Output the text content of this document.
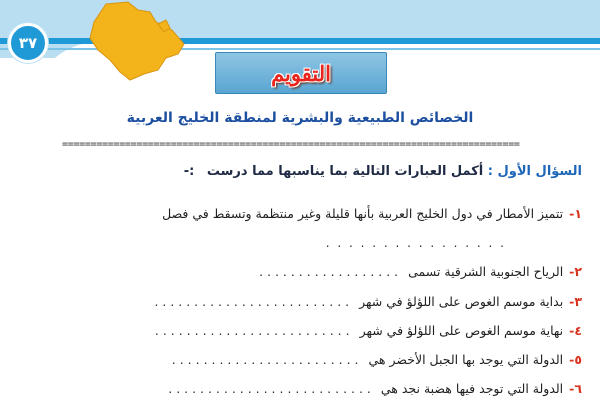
٣٧
التقويم
الخصائص الطبيعية والبشرية لمنطقة الخليج العربية
================================================================================
السؤال الأول : أكمل العبارات التالية بما يناسبها مما درست :-
١- تتميز الأمطار في دول الخليج العربية بأنها قليلة وغير منتظمة وتسقط في فصل
. . . . . . . . . . . . . . . .
٢- الرياح الجنوبية الشرقية تسمى . . . . . . . . . . . . . . . . . .
٣- بداية موسم الغوص على اللؤلؤ في شهر . . . . . . . . . . . . . . . . . . . . . . . . .
٤- نهاية موسم الغوص على اللؤلؤ في شهر . . . . . . . . . . . . . . . . . . . . . . . . .
٥- الدولة التي يوجد بها الجبل الأخضر هي . . . . . . . . . . . . . . . . . . . . . . . .
٦- الدولة التي توجد فيها هضبة نجد هي . . . . . . . . . . . . . . . . . . . . . . . . . .
